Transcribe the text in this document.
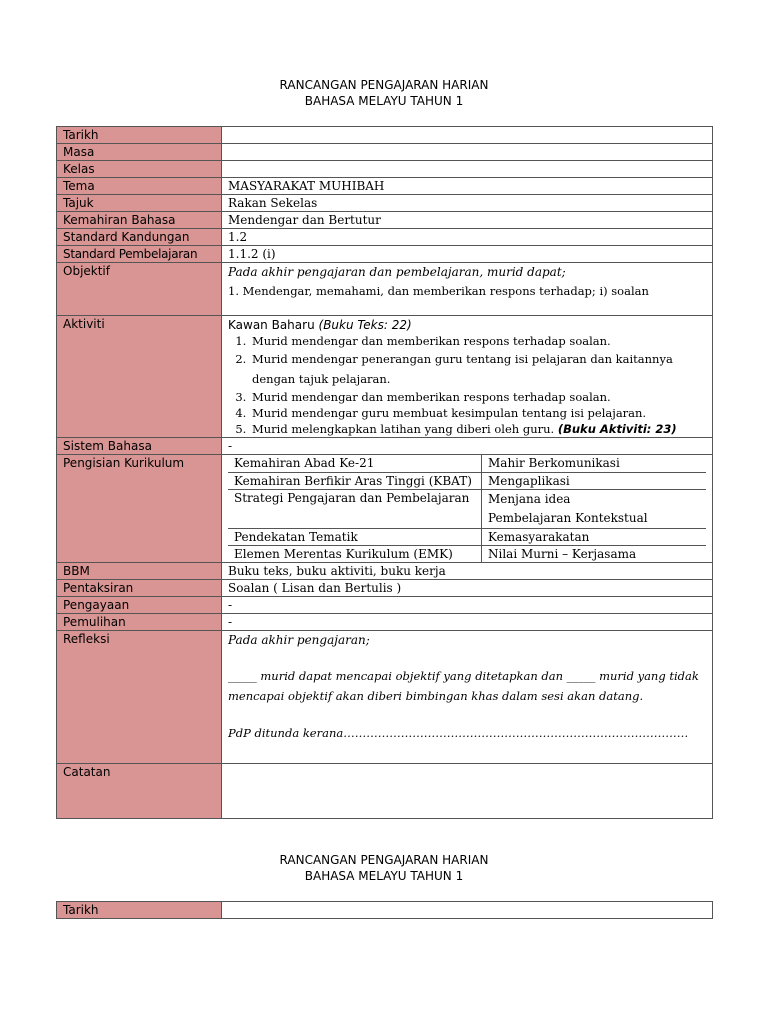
RANCANGAN PENGAJARAN HARIAN
BAHASA MELAYU TAHUN 1
Tarikh	
Masa	
Kelas	
Tema	MASYARAKAT MUHIBAH
Tajuk	Rakan Sekelas
Kemahiran Bahasa	Mendengar dan Bertutur
Standard Kandungan	1.2
Standard Pembelajaran	1.1.2 (i)
Objektif	Pada akhir pengajaran dan pembelajaran, murid dapat;
1. Mendengar, memahami, dan memberikan respons terhadap; i) soalan

Aktiviti	Kawan Baharu (Buku Teks: 22)
1. Murid mendengar dan memberikan respons terhadap soalan.
2. Murid mendengar penerangan guru tentang isi pelajaran dan kaitannya dengan tajuk pelajaran.
3. Murid mendengar dan memberikan respons terhadap soalan.
4. Murid mendengar guru membuat kesimpulan tentang isi pelajaran.
5. Murid melengkapkan latihan yang diberi oleh guru. (Buku Aktiviti: 23)

Sistem Bahasa	-
Pengisian Kurikulum		Kemahiran Abad Ke-21	Mahir Berkomunikasi
Kemahiran Berfikir Aras Tinggi (KBAT)	Mengaplikasi
Strategi Pengajaran dan Pembelajaran	Menjana idea
Pembelajaran Kontekstual

Pendekatan Tematik	Kemasyarakatan
Elemen Merentas Kurikulum (EMK)	Nilai Murni – Kerjasama

BBM	Buku teks, buku aktiviti, buku kerja
Pentaksiran	Soalan ( Lisan dan Bertulis )
Pengayaan	-
Pemulihan	-
Refleksi	Pada akhir pengajaran;
_____ murid dapat mencapai objektif yang ditetapkan dan _____ murid yang tidak mencapai objektif akan diberi bimbingan khas dalam sesi akan datang.
PdP ditunda kerana………………………………………………………………………………

Catatan	
RANCANGAN PENGAJARAN HARIAN
BAHASA MELAYU TAHUN 1
Tarikh	
